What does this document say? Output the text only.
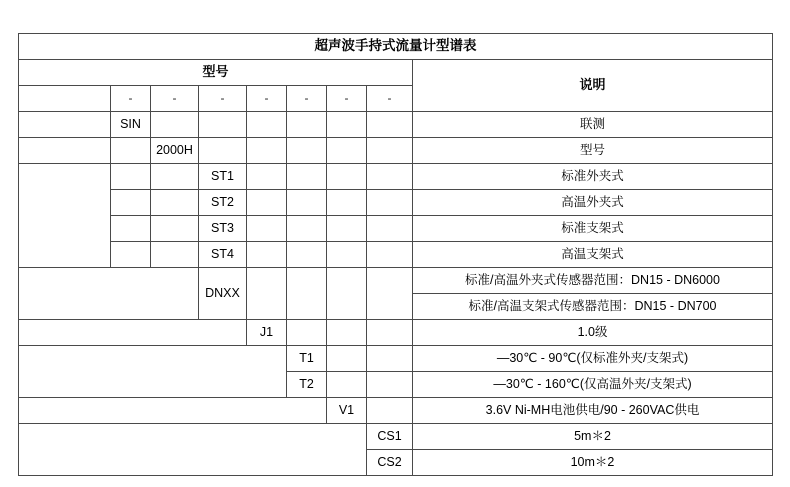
超声波手持式流量计型谱表								
型号								说明
	-	-	-	-	-	-	-	
公司名称	SIN							联测
型号		2000H						型号
传感器类型			ST1					标准外夹式
			ST2					高温外夹式
			ST3					标准支架式
			ST4					高温支架式
公称通径			DNXX					标准/高温外夹式传感器范围：DN15 - DN6000
								标准/高温支架式传感器范围：DN15 - DN700
精度等级				J1				1.0级
耐温等级					T1			—30℃ - 90℃(仅标准外夹/支架式)
					T2			—30℃ - 160℃(仅高温外夹/支架式)
供电电源						V1		3.6V Ni-MH电池供电/90 - 260VAC供电
线缆长度							CS1	5m＊2
							CS2	10m＊2
